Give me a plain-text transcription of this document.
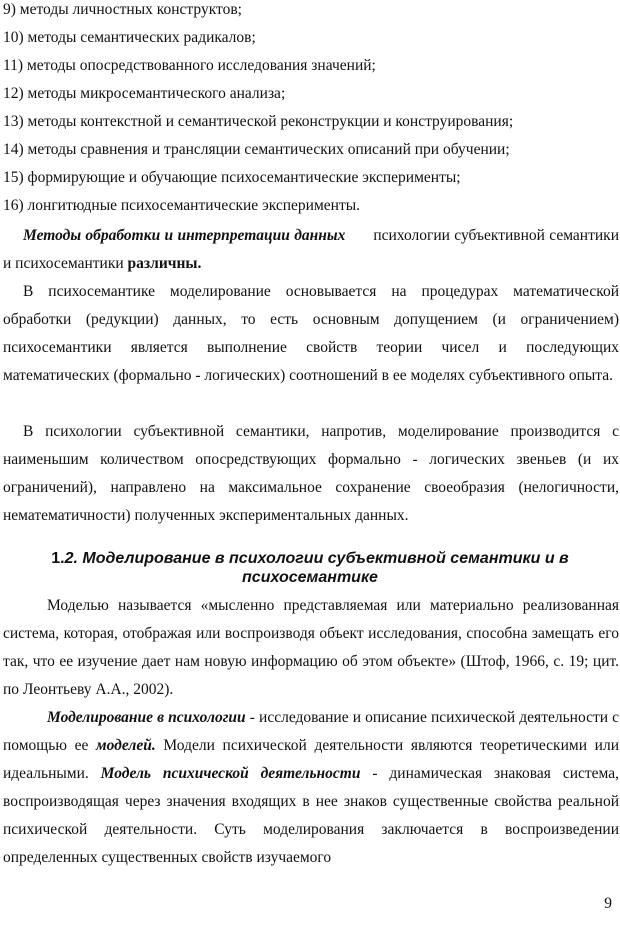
9) методы личностных конструктов;
10) методы семантических радикалов;
11) методы опосредствованного исследования значений;
12) методы микросемантического анализа;
13) методы контекстной и семантической реконструкции и конструирования;
14) методы сравнения и трансляции семантических описаний при обучении;
15) формирующие и обучающие психосемантические эксперименты;
16) лонгитюдные психосемантические эксперименты.
Методы обработки и интерпретации данных психологии субъективной семантики и психосемантики различны.
В психосемантике моделирование основывается на процедурах математической обработки (редукции) данных, то есть основным допущением (и ограничением) психосемантики является выполнение свойств теории чисел и последующих математических (формально - логических) соотношений в ее моделях субъективного опыта.
В психологии субъективной семантики, напротив, моделирование производится с наименьшим количеством опосредствующих формально - логических звеньев (и их ограничений), направлено на максимальное сохранение своеобразия (нелогичности, нематематичности) полученных экспериментальных данных.
1.2. Моделирование в психологии субъективной семантики и в психосемантике
Моделью называется «мысленно представляемая или материально реализованная система, которая, отображая или воспроизводя объект исследования, способна замещать его так, что ее изучение дает нам новую информацию об этом объекте» (Штоф, 1966, с. 19; цит. по Леонтьеву А.А., 2002).
Моделирование в психологии - исследование и описание психической деятельности с помощью ее моделей. Модели психической деятельности являются теоретическими или идеальными. Модель психической деятельности - динамическая знаковая система, воспроизводящая через значения входящих в нее знаков существенные свойства реальной психической деятельности. Суть моделирования заключается в воспроизведении определенных существенных свойств изучаемого
9
